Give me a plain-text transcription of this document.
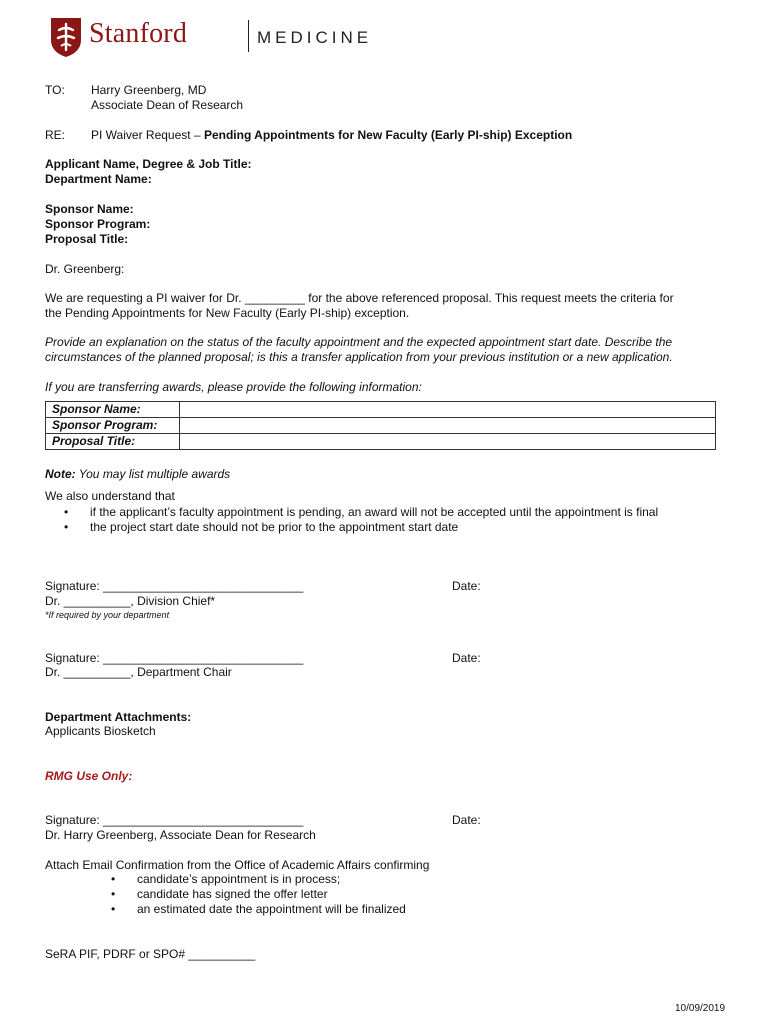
Stanford	MEDICINE
TO: Harry Greenberg, MD
Associate Dean of Research
RE: PI Waiver Request – Pending Appointments for New Faculty (Early PI-ship) Exception
Applicant Name, Degree & Job Title:
Department Name:
Sponsor Name:
Sponsor Program:
Proposal Title:
Dr. Greenberg:
We are requesting a PI waiver for Dr. _________ for the above referenced proposal. This request meets the criteria for
the Pending Appointments for New Faculty (Early PI-ship) exception.
Provide an explanation on the status of the faculty appointment and the expected appointment start date. Describe the
circumstances of the planned proposal; is this a transfer application from your previous institution or a new application.
If you are transferring awards, please provide the following information:
Sponsor Name:	
Sponsor Program:	
Proposal Title:	
Note: You may list multiple awards
We also understand that
• if the applicant’s faculty appointment is pending, an award will not be accepted until the appointment is final
• the project start date should not be prior to the appointment start date
Signature: ______________________________	Date:
Dr. __________, Division Chief*
*If required by your department
Signature: ______________________________	Date:
Dr. __________, Department Chair
Department Attachments:
Applicants Biosketch
RMG Use Only:
Signature: ______________________________	Date:
Dr. Harry Greenberg, Associate Dean for Research
Attach Email Confirmation from the Office of Academic Affairs confirming
• candidate’s appointment is in process;
• candidate has signed the offer letter
• an estimated date the appointment will be finalized
SeRA PIF, PDRF or SPO# __________
10/09/2019
